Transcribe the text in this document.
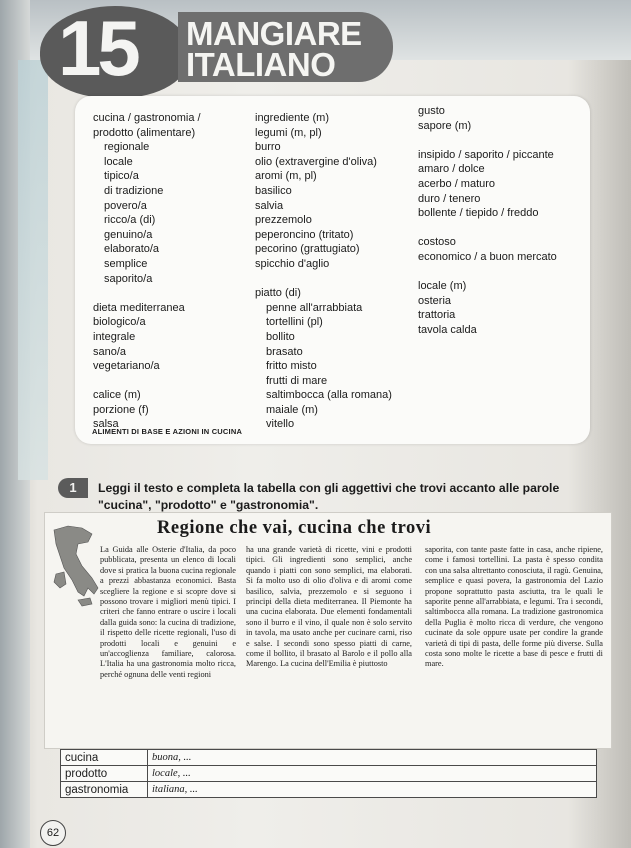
15 MANGIARE
ITALIANO
cucina / gastronomia /
prodotto (alimentare)
regionale
locale
tipico/a
di tradizione
povero/a
ricco/a (di)
genuino/a
elaborato/a
semplice
saporito/a
dieta mediterranea
biologico/a
integrale
sano/a
vegetariano/a
calice (m)
porzione (f)
salsa
ingrediente (m)
legumi (m, pl)
burro
olio (extravergine d'oliva)
aromi (m, pl)
basilico
salvia
prezzemolo
peperoncino (tritato)
pecorino (grattugiato)
spicchio d'aglio
piatto (di)
penne all'arrabbiata
tortellini (pl)
bollito
brasato
fritto misto
frutti di mare
saltimbocca (alla romana)
maiale (m)
vitello
gusto
sapore (m)
insipido / saporito / piccante
amaro / dolce
acerbo / maturo
duro / tenero
bollente / tiepido / freddo
costoso
economico / a buon mercato
locale (m)
osteria
trattoria
tavola calda
ALIMENTI DI BASE E AZIONI IN CUCINA
1	Leggi il testo e completa la tabella con gli aggettivi che trovi accanto alle parole "cucina", "prodotto" e "gastronomia".
Regione che vai, cucina che trovi

La Guida alle Osterie d'Italia, da poco pubblicata, presenta un elenco di locali dove si pratica la buona cucina regionale a prezzi abbastanza economici. Basta scegliere la regione e si scopre dove si possono trovare i migliori menù tipici. I criteri che fanno entrare o uscire i locali dalla guida sono: la cucina di tradizione, il rispetto delle ricette regionali, l'uso di prodotti locali e genuini e un'accoglienza familiare, calorosa. L'Italia ha una gastronomia molto ricca, perché ognuna delle venti regioni

ha una grande varietà di ricette, vini e prodotti tipici. Gli ingredienti sono semplici, anche quando i piatti con sono semplici, ma elaborati. Si fa molto uso di olio d'oliva e di aromi come basilico, salvia, prezzemolo e si seguono i principi della dieta mediterranea. Il Piemonte ha una cucina elaborata. Due elementi fondamentali sono il burro e il vino, il quale non è solo servito in tavola, ma usato anche per cucinare carni, riso e salse. I secondi sono spesso piatti di carne, come il bollito, il brasato al Barolo e il pollo alla Marengo. La cucina dell'Emilia è piuttosto

saporita, con tante paste fatte in casa, anche ripiene, come i famosi tortellini. La pasta è spesso condita con una salsa altrettanto conosciuta, il ragù. Genuina, semplice e quasi povera, la gastronomia del Lazio propone soprattutto pasta asciutta, tra le quali le saporite penne all'arrabbiata, e legumi. Tra i secondi, saltimbocca alla romana. La tradizione gastronomica della Puglia è molto ricca di verdure, che vengono cucinate da sole oppure usate per condire la grande varietà di tipi di pasta, delle forme più diverse. Sulla costa sono molte le ricette a base di pesce e frutti di mare.

cucina	buona, ...
prodotto	locale, ...
gastronomia	italiana, ...
62
